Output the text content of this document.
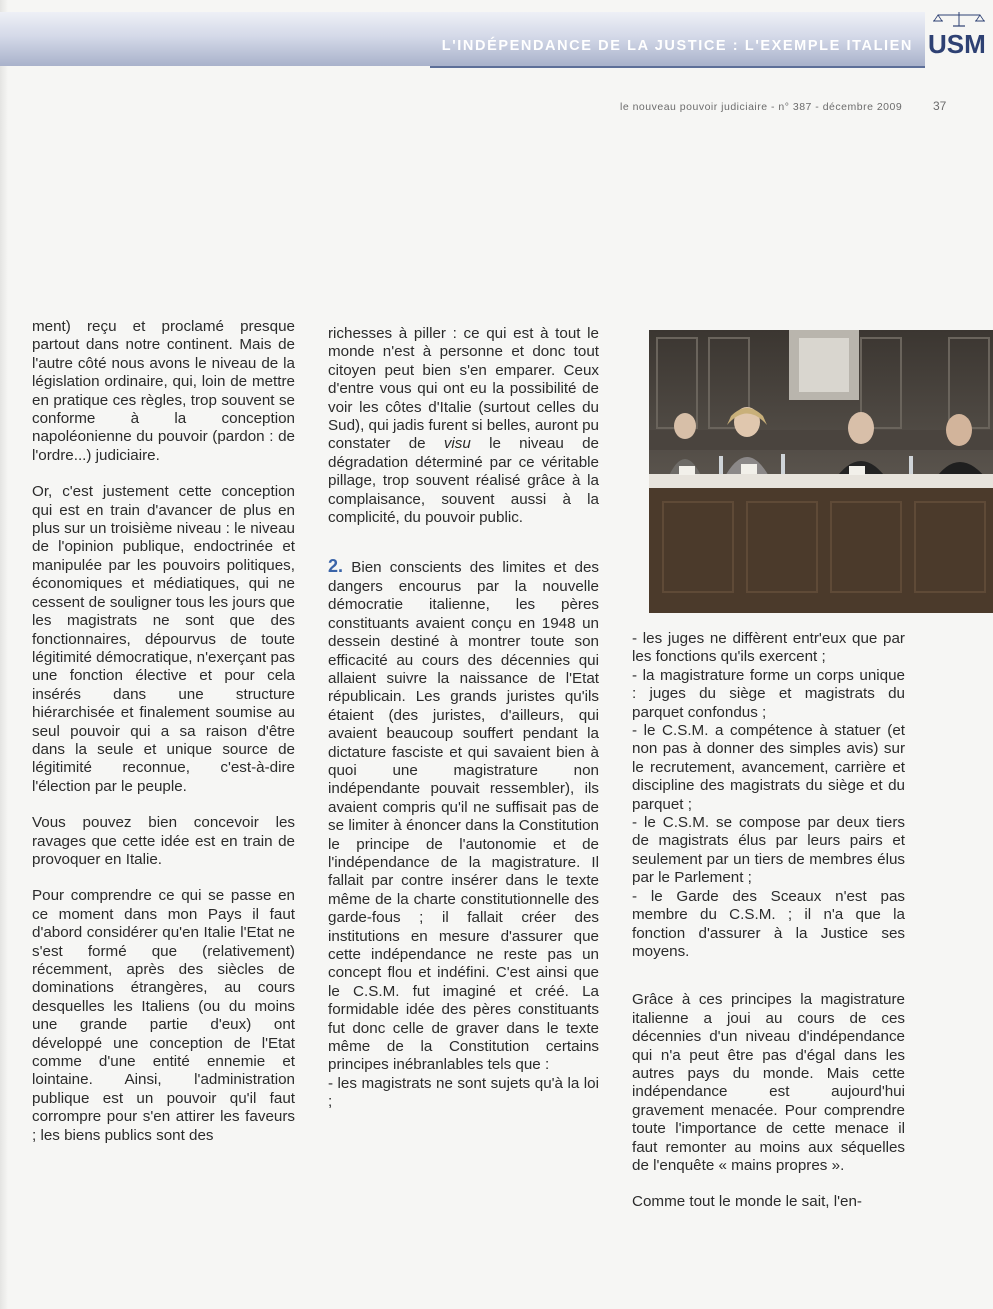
L'INDÉPENDANCE DE LA JUSTICE : L'EXEMPLE ITALIEN USM
le nouveau pouvoir judiciaire - n° 387 - décembre 2009	37

ment) reçu et proclamé presque partout dans notre continent. Mais de l'autre côté nous avons le niveau de la législation ordinaire, qui, loin de mettre en pratique ces règles, trop souvent se conforme à la conception napoléonienne du pouvoir (pardon : de l'ordre...) judiciaire.

Or, c'est justement cette conception qui est en train d'avancer de plus en plus sur un troisième niveau : le niveau de l'opinion publique, endoctrinée et manipulée par les pouvoirs politiques, économiques et médiatiques, qui ne cessent de souligner tous les jours que les magistrats ne sont que des fonctionnaires, dépourvus de toute légitimité démocratique, n'exerçant pas une fonction élective et pour cela insérés dans une structure hiérarchisée et finalement soumise au seul pouvoir qui a sa raison d'être dans la seule et unique source de légitimité reconnue, c'est-à-dire l'élection par le peuple.

Vous pouvez bien concevoir les ravages que cette idée est en train de provoquer en Italie.

Pour comprendre ce qui se passe en ce moment dans mon Pays il faut d'abord considérer qu'en Italie l'Etat ne s'est formé que (relativement) récemment, après des siècles de dominations étrangères, au cours desquelles les Italiens (ou du moins une grande partie d'eux) ont développé une conception de l'Etat comme d'une entité ennemie et lointaine. Ainsi, l'administration publique est un pouvoir qu'il faut corrompre pour s'en attirer les faveurs ; les biens publics sont des

richesses à piller : ce qui est à tout le monde n'est à personne et donc tout citoyen peut bien s'en emparer. Ceux d'entre vous qui ont eu la possibilité de voir les côtes d'Italie (surtout celles du Sud), qui jadis furent si belles, auront pu constater de visu le niveau de dégradation déterminé par ce véritable pillage, trop souvent réalisé grâce à la complaisance, souvent aussi à la complicité, du pouvoir public.

2. Bien conscients des limites et des dangers encourus par la nouvelle démocratie italienne, les pères constituants avaient conçu en 1948 un dessein destiné à montrer toute son efficacité au cours des décennies qui allaient suivre la naissance de l'Etat républicain. Les grands juristes qu'ils étaient (des juristes, d'ailleurs, qui avaient beaucoup souffert pendant la dictature fasciste et qui savaient bien à quoi une magistrature non indépendante pouvait ressembler), ils avaient compris qu'il ne suffisait pas de se limiter à énoncer dans la Constitution le principe de l'autonomie et de l'indépendance de la magistrature. Il fallait par contre insérer dans le texte même de la charte constitutionnelle des garde-fous ; il fallait créer des institutions en mesure d'assurer que cette indépendance ne reste pas un concept flou et indéfini. C'est ainsi que le C.S.M. fut imaginé et créé. La formidable idée des pères constituants fut donc celle de graver dans le texte même de la Constitution certains principes inébranlables tels que :

- les magistrats ne sont sujets qu'à la loi ;

- les juges ne diffèrent entr'eux que par les fonctions qu'ils exercent ;

- la magistrature forme un corps unique : juges du siège et magistrats du parquet confondus ;

- le C.S.M. a compétence à statuer (et non pas à donner des simples avis) sur le recrutement, avancement, carrière et discipline des magistrats du siège et du parquet ;

- le C.S.M. se compose par deux tiers de magistrats élus par leurs pairs et seulement par un tiers de membres élus par le Parlement ;

- le Garde des Sceaux n'est pas membre du C.S.M. ; il n'a que la fonction d'assurer à la Justice ses moyens.

Grâce à ces principes la magistrature italienne a joui au cours de ces décennies d'un niveau d'indépendance qui n'a peut être pas d'égal dans les autres pays du monde. Mais cette indépendance est aujourd'hui gravement menacée. Pour comprendre toute l'importance de cette menace il faut remonter au moins aux séquelles de l'enquête « mains propres ».

Comme tout le monde le sait, l'en-
